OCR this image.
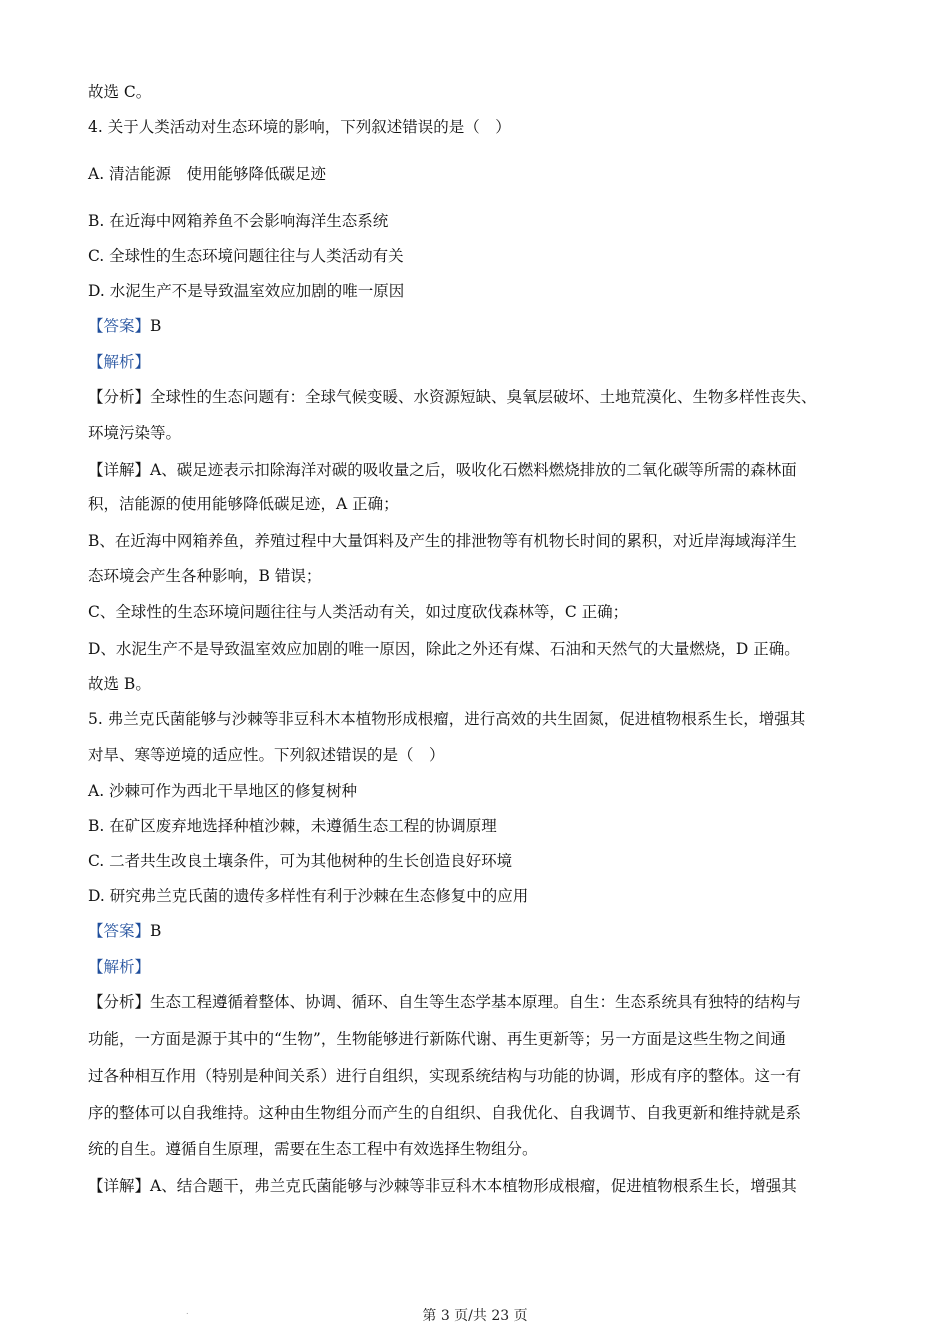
故选 C。
4. 关于人类活动对生态环境的影响，下列叙述错误的是（　）
A. 清洁能源　使用能够降低碳足迹
B. 在近海中网箱养鱼不会影响海洋生态系统
C. 全球性的生态环境问题往往与人类活动有关
D. 水泥生产不是导致温室效应加剧的唯一原因
【答案】B
【解析】
【分析】全球性的生态问题有：全球气候变暖、水资源短缺、臭氧层破坏、土地荒漠化、生物多样性丧失、
环境污染等。
【详解】A、碳足迹表示扣除海洋对碳的吸收量之后，吸收化石燃料燃烧排放的二氧化碳等所需的森林面
积，洁能源的使用能够降低碳足迹，A 正确；
B、在近海中网箱养鱼，养殖过程中大量饵料及产生的排泄物等有机物长时间的累积，对近岸海域海洋生
态环境会产生各种影响，B 错误；
C、全球性的生态环境问题往往与人类活动有关，如过度砍伐森林等，C 正确；
D、水泥生产不是导致温室效应加剧的唯一原因，除此之外还有煤、石油和天然气的大量燃烧，D 正确。
故选 B。
5. 弗兰克氏菌能够与沙棘等非豆科木本植物形成根瘤，进行高效的共生固氮，促进植物根系生长，增强其
对旱、寒等逆境的适应性。下列叙述错误的是（　）
A. 沙棘可作为西北干旱地区的修复树种
B. 在矿区废弃地选择种植沙棘，未遵循生态工程的协调原理
C. 二者共生改良土壤条件，可为其他树种的生长创造良好环境
D. 研究弗兰克氏菌的遗传多样性有利于沙棘在生态修复中的应用
【答案】B
【解析】
【分析】生态工程遵循着整体、协调、循环、自生等生态学基本原理。自生：生态系统具有独特的结构与
功能，一方面是源于其中的“生物”，生物能够进行新陈代谢、再生更新等；另一方面是这些生物之间通
过各种相互作用（特别是种间关系）进行自组织，实现系统结构与功能的协调，形成有序的整体。这一有
序的整体可以自我维持。这种由生物组分而产生的自组织、自我优化、自我调节、自我更新和维持就是系
统的自生。遵循自生原理，需要在生态工程中有效选择生物组分。
【详解】A、结合题干，弗兰克氏菌能够与沙棘等非豆科木本植物形成根瘤，促进植物根系生长，增强其
.	第 3 页/共 23 页
